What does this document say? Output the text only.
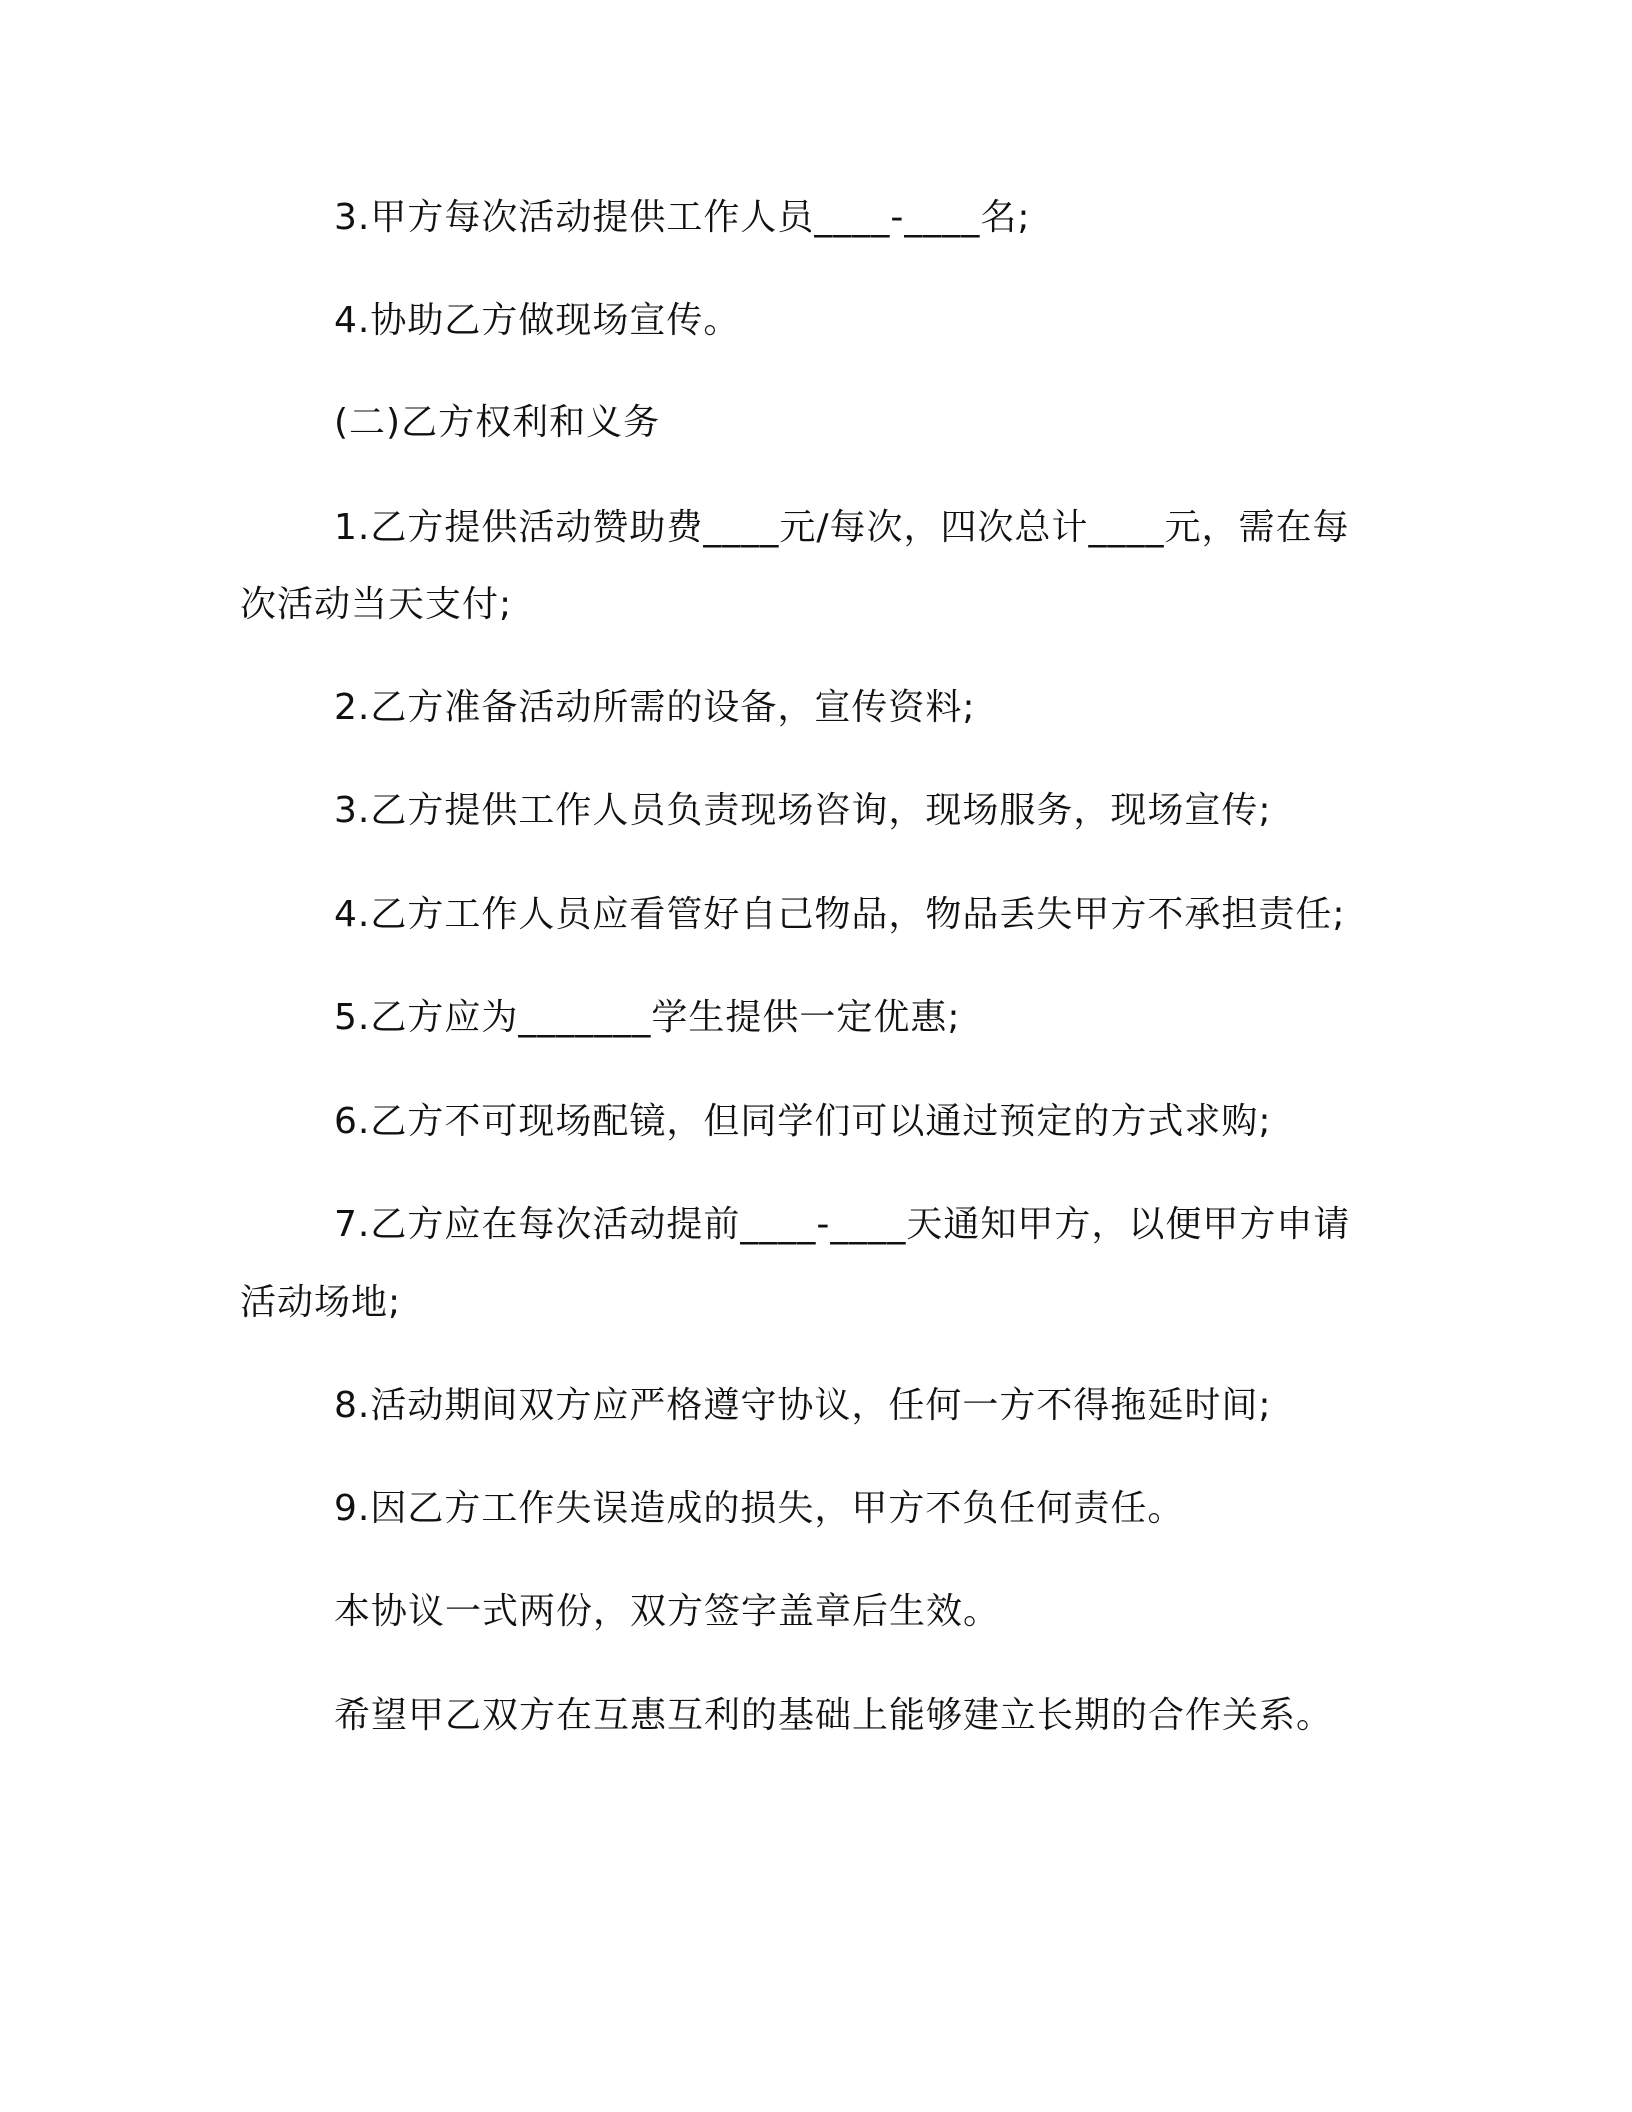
3.甲方每次活动提供工作人员____-____名;

4.协助乙方做现场宣传。

(二)乙方权利和义务

1.乙方提供活动赞助费____元/每次，四次总计____元，需在每

次活动当天支付;

2.乙方准备活动所需的设备，宣传资料;

3.乙方提供工作人员负责现场咨询，现场服务，现场宣传;

4.乙方工作人员应看管好自己物品，物品丢失甲方不承担责任;

5.乙方应为_______学生提供一定优惠;

6.乙方不可现场配镜，但同学们可以通过预定的方式求购;

7.乙方应在每次活动提前____-____天通知甲方，以便甲方申请

活动场地;

8.活动期间双方应严格遵守协议，任何一方不得拖延时间;

9.因乙方工作失误造成的损失，甲方不负任何责任。

本协议一式两份，双方签字盖章后生效。

希望甲乙双方在互惠互利的基础上能够建立长期的合作关系。
